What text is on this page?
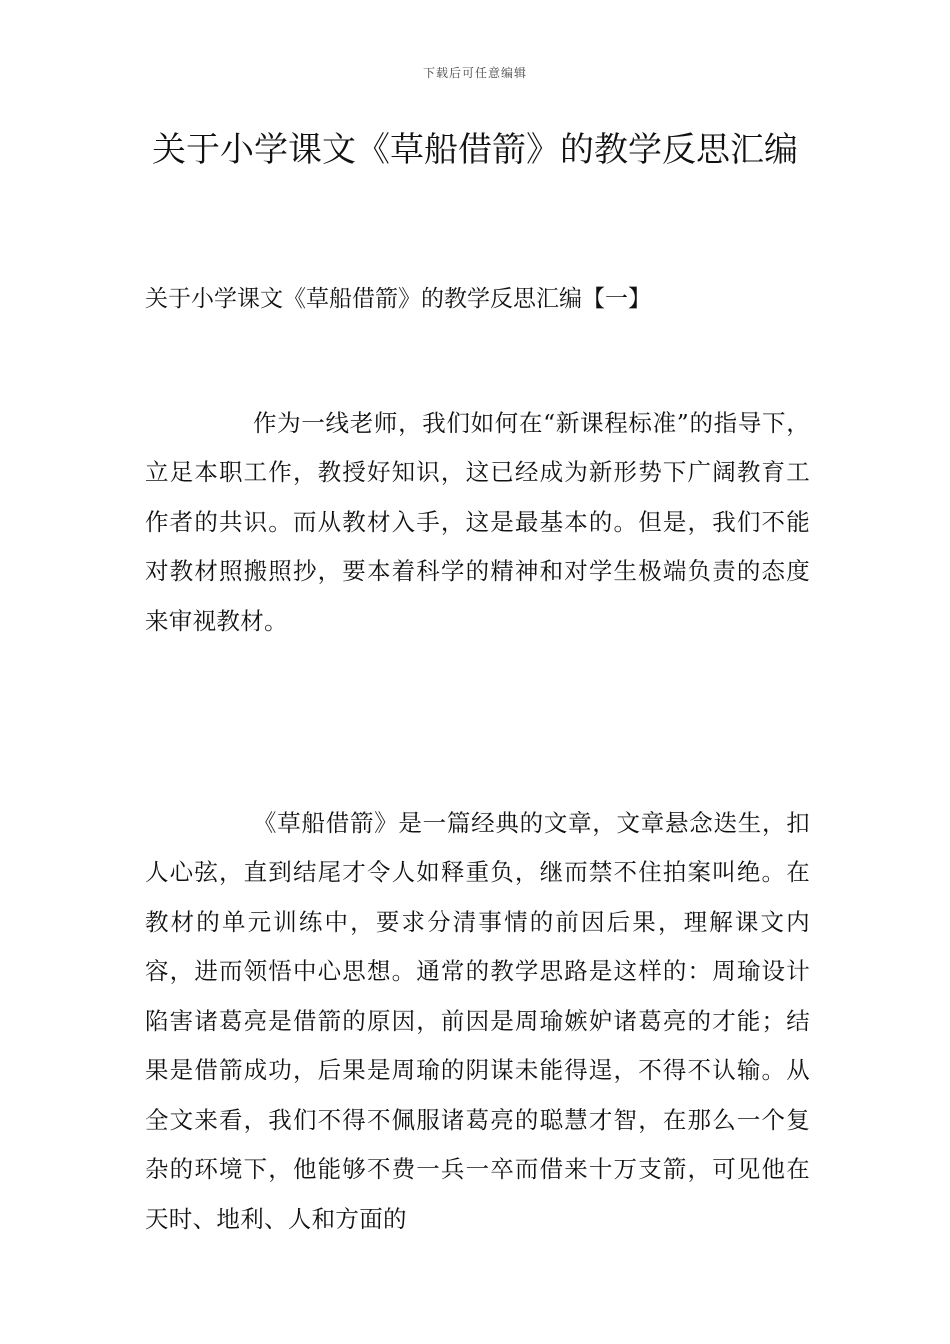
下载后可任意编辑
关于小学课文《草船借箭》的教学反思汇编
关于小学课文《草船借箭》的教学反思汇编【一】

作为一线老师，我们如何在“新课程标准”的指导下，立足本职工作，教授好知识，这已经成为新形势下广阔教育工作者的共识。而从教材入手，这是最基本的。但是，我们不能对教材照搬照抄，要本着科学的精神和对学生极端负责的态度来审视教材。

《草船借箭》是一篇经典的文章，文章悬念迭生，扣人心弦，直到结尾才令人如释重负，继而禁不住拍案叫绝。在教材的单元训练中，要求分清事情的前因后果，理解课文内容，进而领悟中心思想。通常的教学思路是这样的：周瑜设计陷害诸葛亮是借箭的原因，前因是周瑜嫉妒诸葛亮的才能；结果是借箭成功，后果是周瑜的阴谋未能得逞，不得不认输。从全文来看，我们不得不佩服诸葛亮的聪慧才智，在那么一个复杂的环境下，他能够不费一兵一卒而借来十万支箭，可见他在天时、地利、人和方面的
